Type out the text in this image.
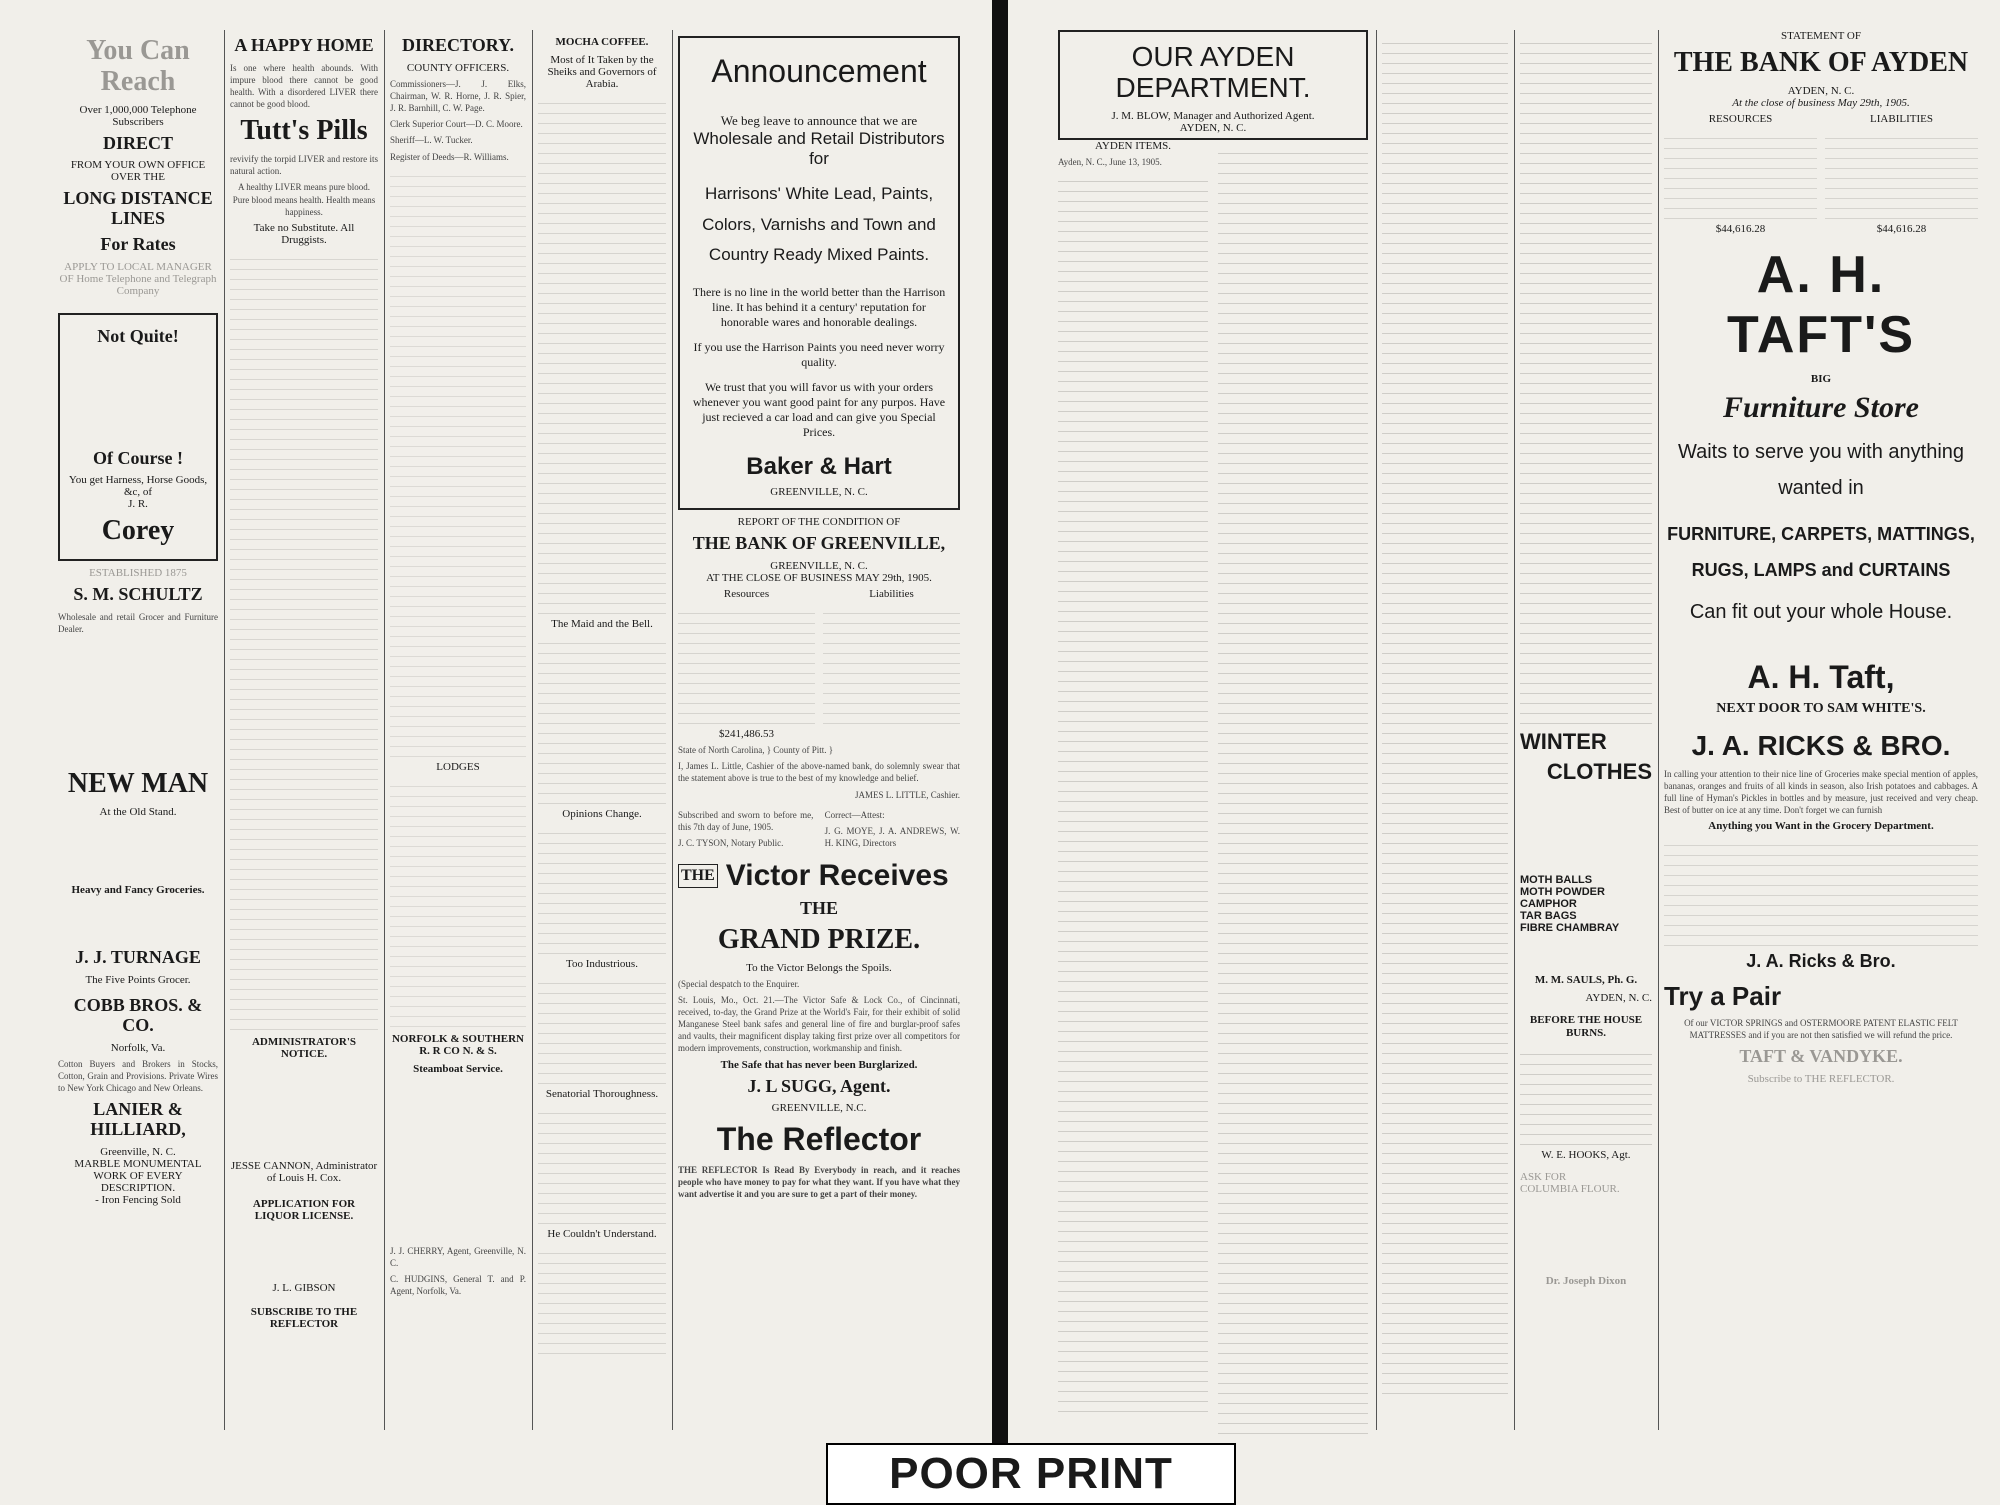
You Can Reach
Over 1,000,000 Telephone Subscribers
DIRECT
FROM YOUR OWN OFFICE
OVER THE
LONG DISTANCE LINES
For Rates
APPLY TO LOCAL MANAGER OF Home Telephone and Telegraph Company
Not Quite!
Of Course !
You get Harness, Horse Goods, &c, of
J. R.
Corey
ESTABLISHED 1875
S. M. SCHULTZ
Wholesale and retail Grocer and Furniture Dealer.
NEW MAN
At the Old Stand.
Heavy and Fancy Groceries.
J. J. TURNAGE
The Five Points Grocer.
COBB BROS. & CO.
Norfolk, Va.
Cotton Buyers and Brokers in Stocks, Cotton, Grain and Provisions. Private Wires to New York Chicago and New Orleans.
LANIER & HILLIARD,
Greenville, N. C.
MARBLE MONUMENTAL WORK OF EVERY DESCRIPTION.
- Iron Fencing Sold
A HAPPY HOME
Is one where health abounds. With impure blood there cannot be good health. With a disordered LIVER there cannot be good blood.
Tutt's Pills
revivify the torpid LIVER and restore its natural action.
A healthy LIVER means pure blood. Pure blood means health. Health means happiness.
Take no Substitute. All Druggists.
ADMINISTRATOR'S NOTICE.
JESSE CANNON, Administrator of Louis H. Cox.
APPLICATION FOR LIQUOR LICENSE.
J. L. GIBSON
SUBSCRIBE TO THE REFLECTOR
DIRECTORY.
COUNTY OFFICERS.
Commissioners—J. J. Elks, Chairman, W. R. Horne, J. R. Spier, J. R. Barnhill, C. W. Page.
Clerk Superior Court—D. C. Moore.
Sheriff—L. W. Tucker.
Register of Deeds—R. Williams.
LODGES
NORFOLK & SOUTHERN R. R CO N. & S.
Steamboat Service.
J. J. CHERRY, Agent, Greenville, N. C.
C. HUDGINS, General T. and P. Agent, Norfolk, Va.
MOCHA COFFEE.
Most of It Taken by the Sheiks and Governors of Arabia.
The Maid and the Bell.
Opinions Change.
Too Industrious.
Senatorial Thoroughness.
He Couldn't Understand.
Announcement
We beg leave to announce that we are
Wholesale and Retail Distributors for
Harrisons' White Lead, Paints, Colors, Varnishs and Town and Country Ready Mixed Paints.
There is no line in the world better than the Harrison line. It has behind it a century' reputation for honorable wares and honorable dealings.
If you use the Harrison Paints you need never worry quality.
We trust that you will favor us with your orders whenever you want good paint for any purpos. Have just recieved a car load and can give you Special Prices.
Baker & Hart
GREENVILLE, N. C.
REPORT OF THE CONDITION OF
THE BANK OF GREENVILLE,
GREENVILLE, N. C.
AT THE CLOSE OF BUSINESS MAY 29th, 1905.
Resources
$241,486.53
Liabilities
State of North Carolina, } County of Pitt. }
I, James L. Little, Cashier of the above-named bank, do solemnly swear that the statement above is true to the best of my knowledge and belief.
JAMES L. LITTLE, Cashier.
Subscribed and sworn to before me, this 7th day of June, 1905.
J. C. TYSON, Notary Public.
Correct—Attest:
J. G. MOYE, J. A. ANDREWS, W. H. KING, Directors
THE Victor Receives
THE
GRAND PRIZE.
To the Victor Belongs the Spoils.
(Special despatch to the Enquirer.
St. Louis, Mo., Oct. 21.—The Victor Safe & Lock Co., of Cincinnati, received, to-day, the Grand Prize at the World's Fair, for their exhibit of solid Manganese Steel bank safes and general line of fire and burglar-proof safes and vaults, their magnificent display taking first prize over all competitors for modern improvements, construction, workmanship and finish.
The Safe that has never been Burglarized.
J. L SUGG, Agent.
GREENVILLE, N.C.
The Reflector
THE REFLECTOR Is Read By Everybody in reach, and it reaches people who have money to pay for what they want. If you have what they want advertise it and you are sure to get a part of their money.
OUR AYDEN DEPARTMENT.
J. M. BLOW, Manager and Authorized Agent.
AYDEN, N. C.
AYDEN ITEMS.
Ayden, N. C., June 13, 1905.
WINTER
CLOTHES
MOTH BALLS
MOTH POWDER
CAMPHOR
TAR BAGS
FIBRE CHAMBRAY
M. M. SAULS, Ph. G.
AYDEN, N. C.
BEFORE THE HOUSE BURNS.
W. E. HOOKS, Agt.
ASK FOR
COLUMBIA FLOUR.
Dr. Joseph Dixon
STATEMENT OF
THE BANK OF AYDEN
AYDEN, N. C.
At the close of business May 29th, 1905.
RESOURCES
$44,616.28
LIABILITIES
$44,616.28
A. H. TAFT'S
BIG
Furniture Store
Waits to serve you with anything wanted in
FURNITURE, CARPETS, MATTINGS, RUGS, LAMPS and CURTAINS
Can fit out your whole House.
A. H. Taft,
NEXT DOOR TO SAM WHITE'S.
J. A. RICKS & BRO.
In calling your attention to their nice line of Groceries make special mention of apples, bananas, oranges and fruits of all kinds in season, also Irish potatoes and cabbages. A full line of Hyman's Pickles in bottles and by measure, just received and very cheap. Best of butter on ice at any time. Don't forget we can furnish
Anything you Want in the Grocery Department.
J. A. Ricks & Bro.
Try a Pair
Of our VICTOR SPRINGS and OSTERMOORE PATENT ELASTIC FELT MATTRESSES and if you are not then satisfied we will refund the price.
TAFT & VANDYKE.
Subscribe to THE REFLECTOR.
POOR PRINT
